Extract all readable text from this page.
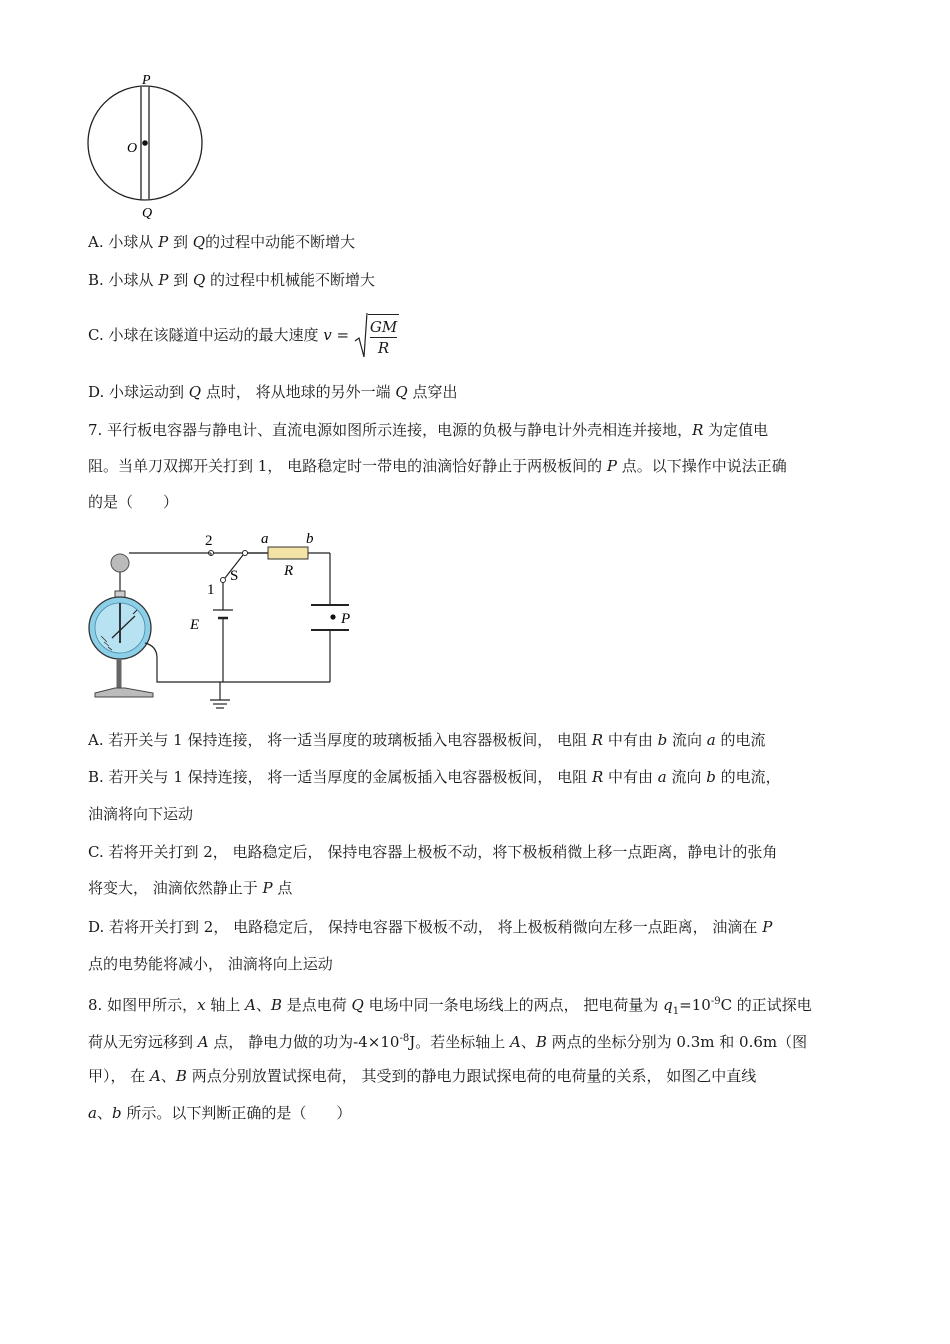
P
O
Q
A. 小球从 P 到 Q的过程中动能不断增大
B. 小球从 P 到 Q 的过程中机械能不断增大
C. 小球在该隧道中运动的最大速度 $v = \frac{GM}{R}$
D. 小球运动到 Q 点时， 将从地球的另外一端 Q 点穿出
7. 平行板电容器与静电计、直流电源如图所示连接，电源的负极与静电计外壳相连并接地，R 为定值电
阻。当单刀双掷开关打到 1， 电路稳定时一带电的油滴恰好静止于两极板间的 P 点。以下操作中说法正确
的是（　　）
2
1
a	b
S	R
E	P
A. 若开关与 1 保持连接， 将一适当厚度的玻璃板插入电容器极板间， 电阻 R 中有由 b 流向 a 的电流
B. 若开关与 1 保持连接， 将一适当厚度的金属板插入电容器极板间， 电阻 R 中有由 a 流向 b 的电流，
油滴将向下运动
C. 若将开关打到 2， 电路稳定后， 保持电容器上极板不动，将下极板稍微上移一点距离，静电计的张角
将变大， 油滴依然静止于 P 点
D. 若将开关打到 2， 电路稳定后， 保持电容器下极板不动， 将上极板稍微向左移一点距离， 油滴在 P
点的电势能将减小， 油滴将向上运动
8. 如图甲所示，x 轴上 A、B 是点电荷 Q 电场中同一条电场线上的两点， 把电荷量为 $q_1=10^{-9}C$ 的正试探电
荷从无穷远移到 A 点， 静电力做的功为$-4\times 10^{-8}J$。若坐标轴上 A、B 两点的坐标分别为 0.3m 和 0.6m（图
甲）， 在 A、B 两点分别放置试探电荷， 其受到的静电力跟试探电荷的电荷量的关系， 如图乙中直线
a、b 所示。以下判断正确的是（　　）
